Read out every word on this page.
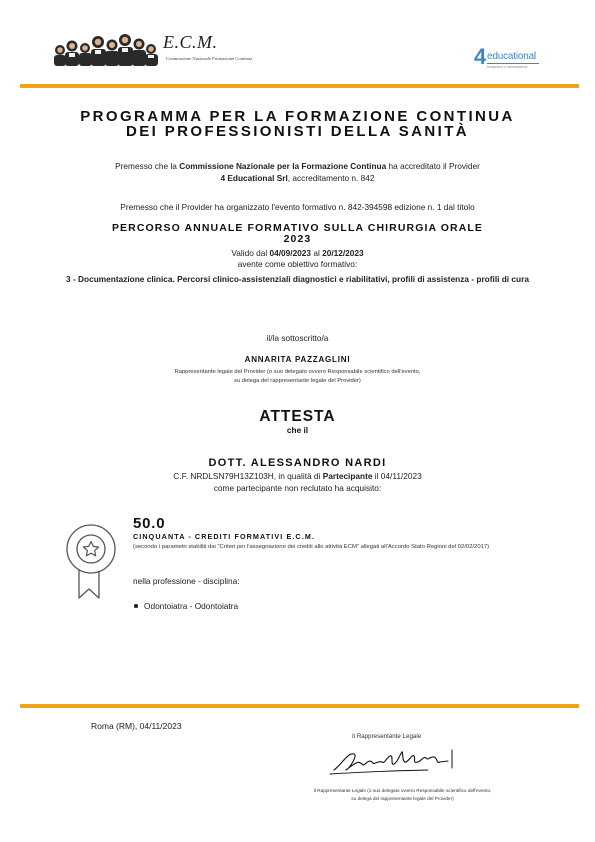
E.C.M.
Commissione Nazionale Formazione Continua	4 educational
formazione e comunicazione
PROGRAMMA PER LA FORMAZIONE CONTINUA
DEI PROFESSIONISTI DELLA SANITÀ
Premesso che la Commissione Nazionale per la Formazione Continua ha accreditato il Provider
4 Educational Srl, accreditamento n. 842
Premesso che il Provider ha organizzato l'evento formativo n. 842-394598 edizione n. 1 dal titolo
PERCORSO ANNUALE FORMATIVO SULLA CHIRURGIA ORALE
2023
Valido dal 04/09/2023 al 20/12/2023
avente come obiettivo formativo:
3 - Documentazione clinica. Percorsi clinico-assistenziali diagnostici e riabilitativi, profili di assistenza - profili di cura
il/la sottoscritto/a
ANNARITA PAZZAGLINI
Rappresentante legale del Provider (o suo delegato ovvero Responsabile scientifico dell'evento,
su delega del rappresentante legale del Provider)
ATTESTA
che il
DOTT. ALESSANDRO NARDI
C.F. NRDLSN79H13Z103H, in qualità di Partecipante il 04/11/2023
come partecipante non reclutato ha acquisito:
50.0
CINQUANTA - CREDITI FORMATIVI E.C.M.
(secondo i parametri stabiliti dai "Criteri per l'assegnazione dei crediti alle attività ECM" allegati all'Accordo Stato Regioni del 02/02/2017)
nella professione - disciplina:
Odontoiatra - Odontoiatra
Roma (RM), 04/11/2023
Il Rappresentante Legale
Il Rappresentante Legale (o suo delegato ovvero Responsabile scientifico dell'evento,
su delega del rappresentante legale del Provider)
